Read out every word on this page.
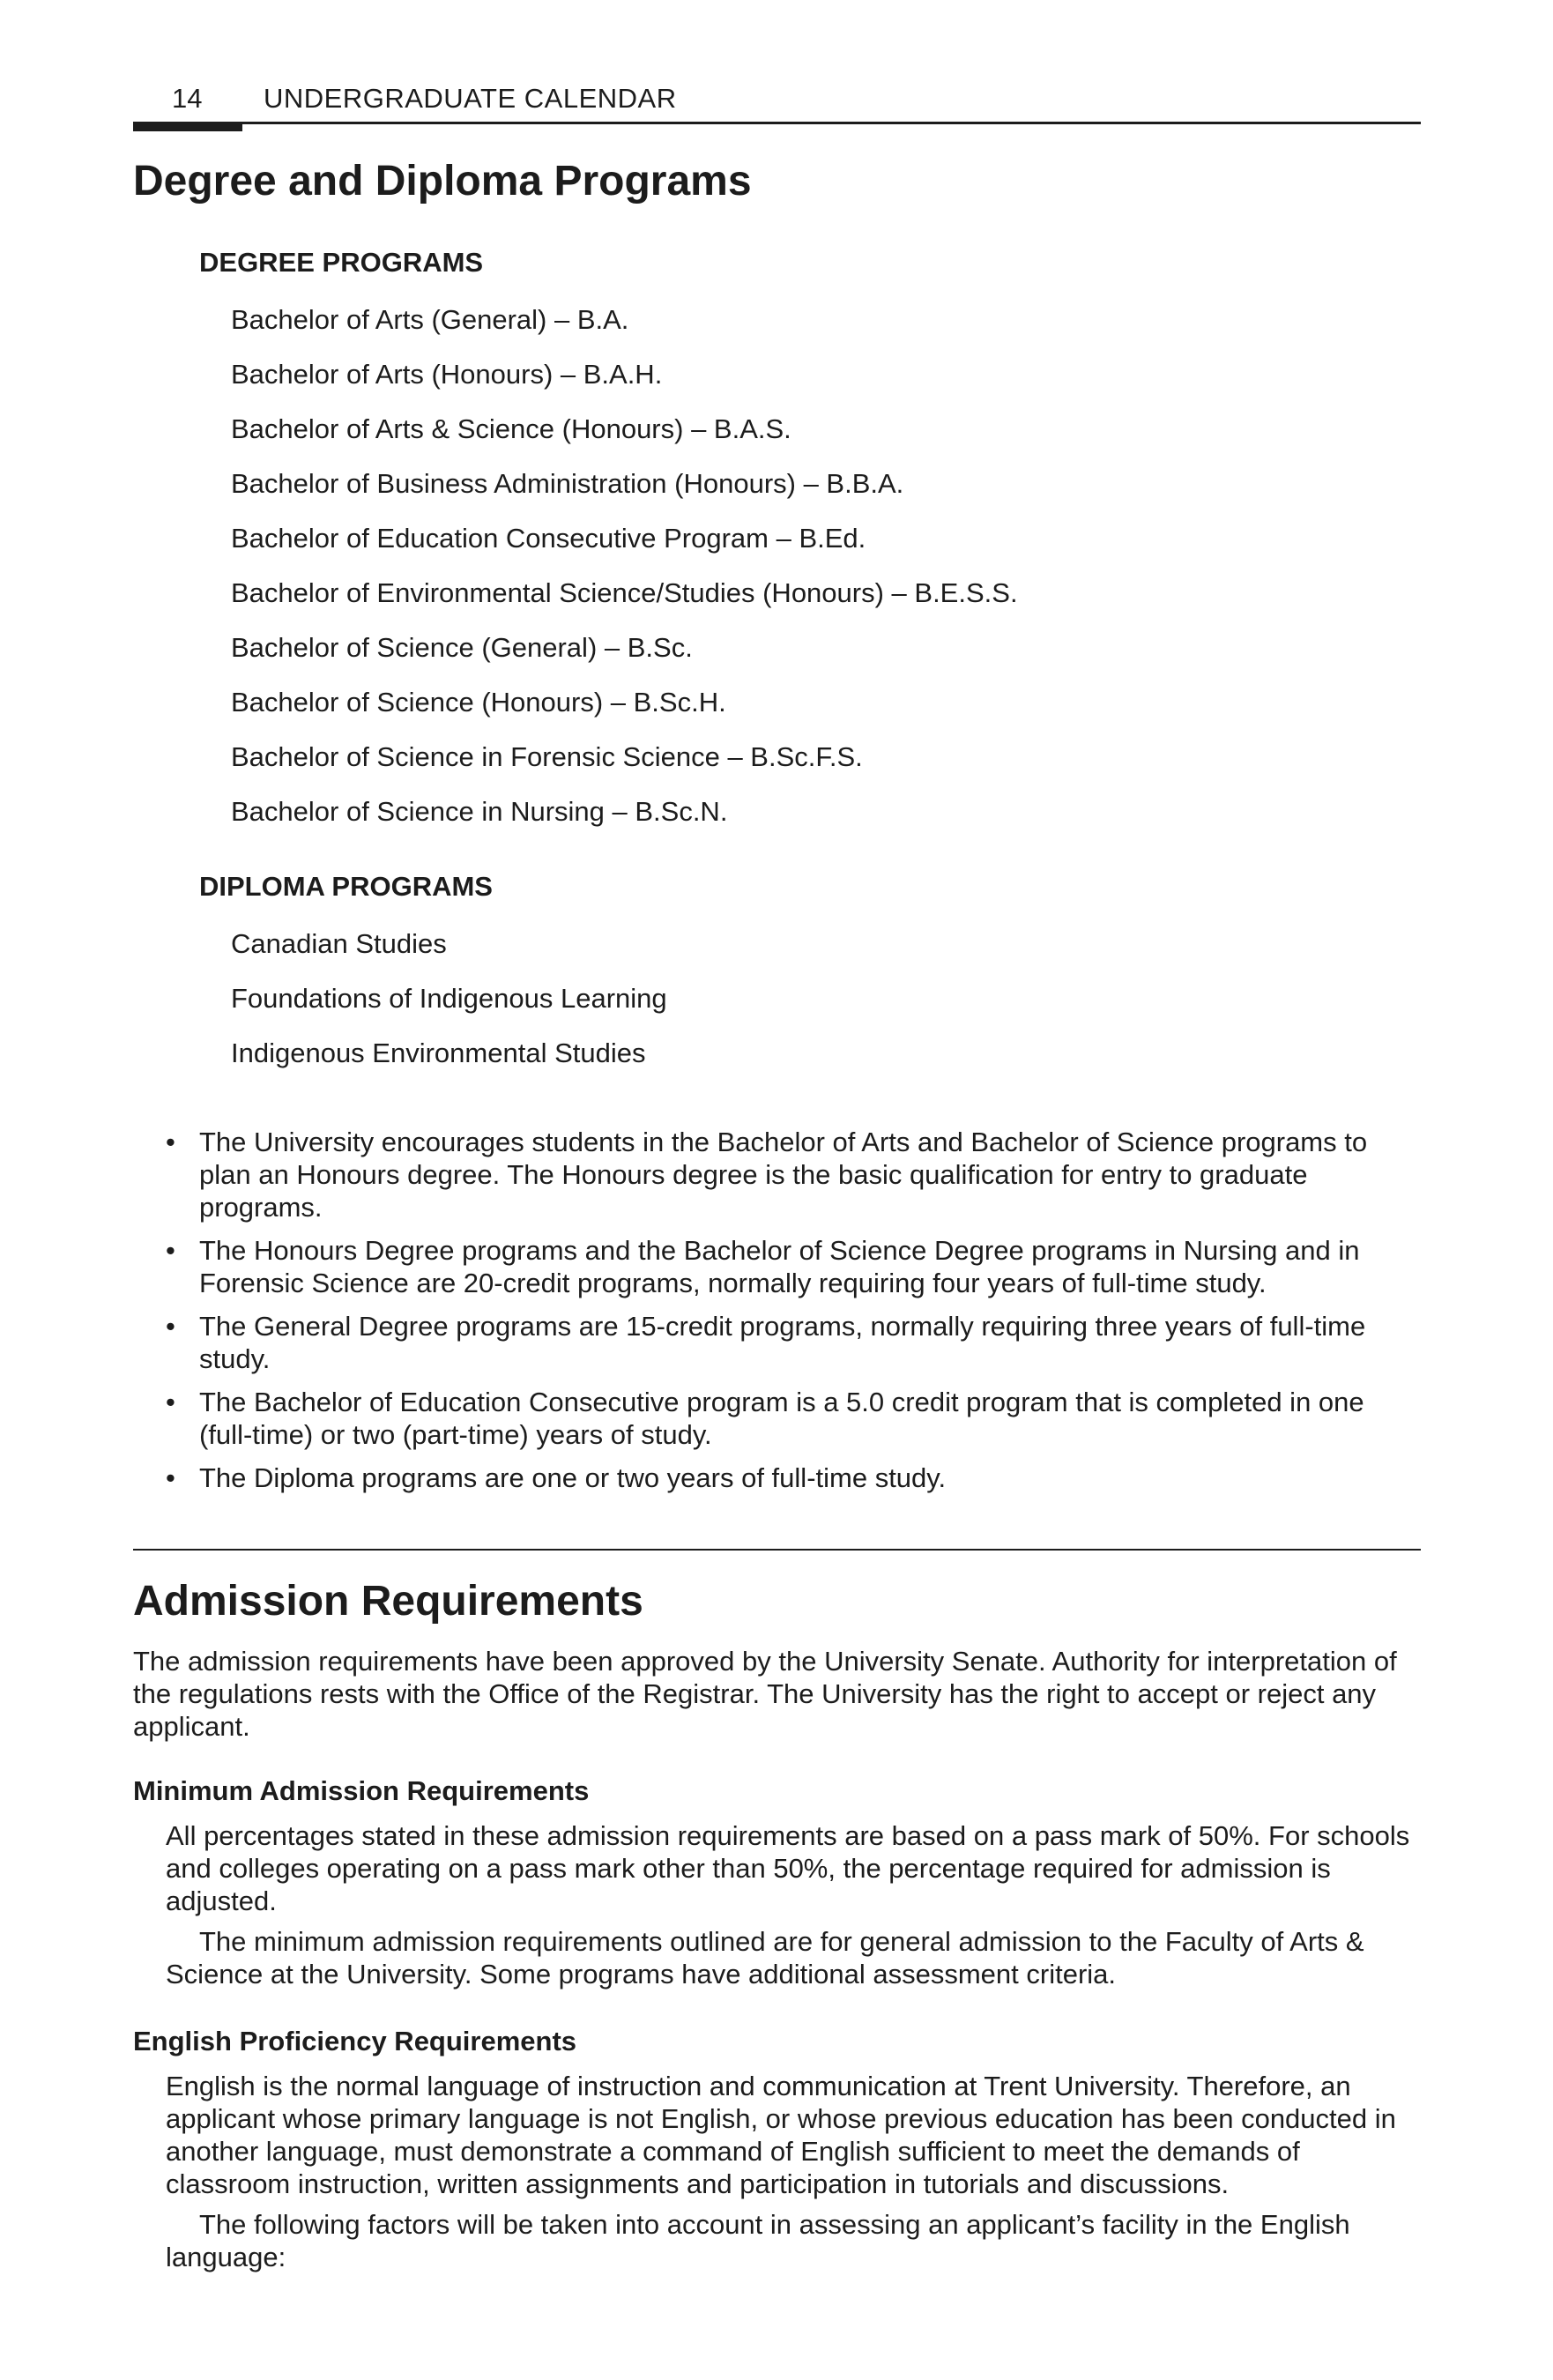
14 UNDERGRADUATE CALENDAR
Degree and Diploma Programs
DEGREE PROGRAMS
Bachelor of Arts (General) – B.A.
Bachelor of Arts (Honours) – B.A.H.
Bachelor of Arts & Science (Honours) – B.A.S.
Bachelor of Business Administration (Honours) – B.B.A.
Bachelor of Education Consecutive Program – B.Ed.
Bachelor of Environmental Science/Studies (Honours) – B.E.S.S.
Bachelor of Science (General) – B.Sc.
Bachelor of Science (Honours) – B.Sc.H.
Bachelor of Science in Forensic Science – B.Sc.F.S.
Bachelor of Science in Nursing – B.Sc.N.
DIPLOMA PROGRAMS
Canadian Studies
Foundations of Indigenous Learning
Indigenous Environmental Studies
• The University encourages students in the Bachelor of Arts and Bachelor of Science programs to plan an Honours degree. The Honours degree is the basic qualification for entry to graduate programs.
• The Honours Degree programs and the Bachelor of Science Degree programs in Nursing and in Forensic Science are 20-credit programs, normally requiring four years of full-time study.
• The General Degree programs are 15-credit programs, normally requiring three years of full-time study.
• The Bachelor of Education Consecutive program is a 5.0 credit program that is completed in one (full-time) or two (part-time) years of study.
• The Diploma programs are one or two years of full-time study.
Admission Requirements

The admission requirements have been approved by the University Senate. Authority for interpretation of the regulations rests with the Office of the Registrar. The University has the right to accept or reject any applicant.

Minimum Admission Requirements

All percentages stated in these admission requirements are based on a pass mark of 50%. For schools and colleges operating on a pass mark other than 50%, the percentage required for admission is adjusted.

The minimum admission requirements outlined are for general admission to the Faculty of Arts & Science at the University. Some programs have additional assessment criteria.

English Proficiency Requirements

English is the normal language of instruction and communication at Trent University. Therefore, an applicant whose primary language is not English, or whose previous education has been conducted in another language, must demonstrate a command of English sufficient to meet the demands of classroom instruction, written assignments and participation in tutorials and discussions.

The following factors will be taken into account in assessing an applicant’s facility in the English language:
